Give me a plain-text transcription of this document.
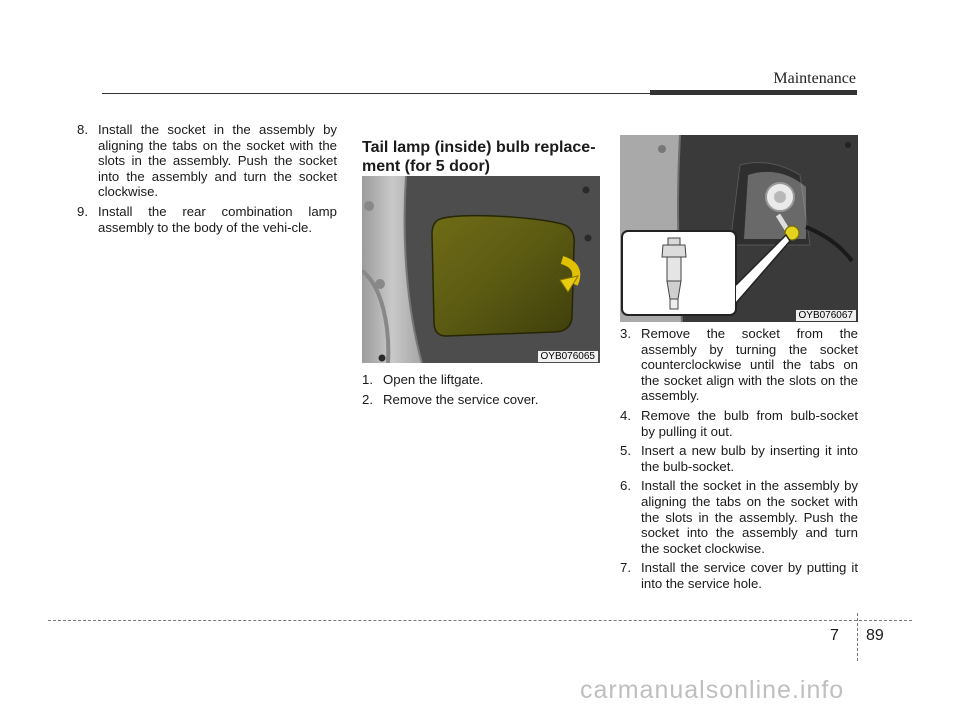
Maintenance
8. Install the socket in the assembly by aligning the tabs on the socket with the slots in the assembly. Push the socket into the assembly and turn the socket clockwise.
9. Install the rear combination lamp assembly to the body of the vehi-cle.
Tail lamp (inside) bulb replace-ment (for 5 door)
OYB076065
1. Open the liftgate.
2. Remove the service cover.
OYB076067
3. Remove the socket from the assembly by turning the socket counterclockwise until the tabs on the socket align with the slots on the assembly.
4. Remove the bulb from bulb-socket by pulling it out.
5. Insert a new bulb by inserting it into the bulb-socket.
6. Install the socket in the assembly by aligning the tabs on the socket with the slots in the assembly. Push the socket into the assembly and turn the socket clockwise.
7. Install the service cover by putting it into the service hole.
7 89
carmanualsonline.info
